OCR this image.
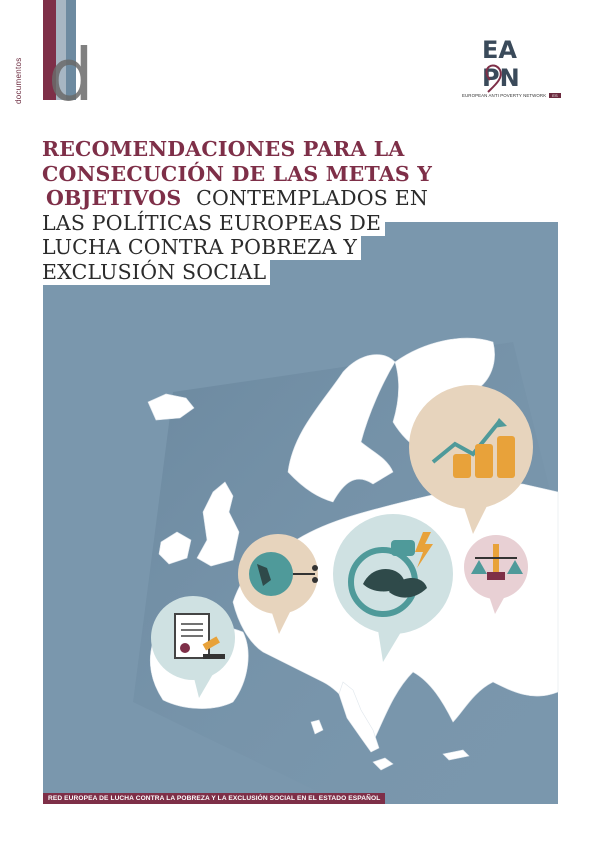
d
documentos
EA
PN
EUROPEAN ANTI POVERTY NETWORK ES
RECOMENDACIONES PARA LA
CONSECUCIÓN DE LAS METAS Y
OBJETIVOS CONTEMPLADOS EN
LAS POLÍTICAS EUROPEAS DE
LUCHA CONTRA POBREZA Y
EXCLUSIÓN SOCIAL
RED EUROPEA DE LUCHA CONTRA LA POBREZA Y LA EXCLUSIÓN SOCIAL EN EL ESTADO ESPAÑOL
